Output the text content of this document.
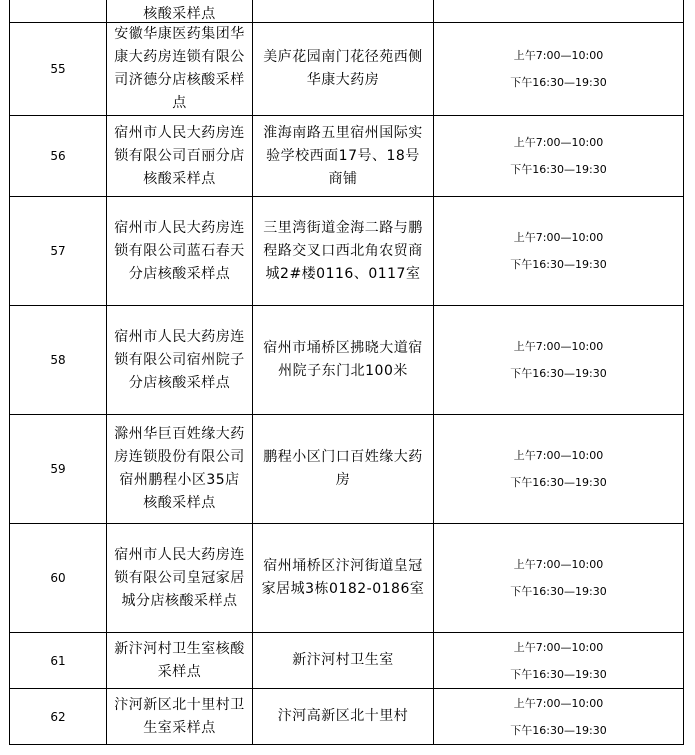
	核酸采样点		
55	安徽华康医药集团华康大药房连锁有限公司济德分店核酸采样点	美庐花园南门花径苑西侧华康大药房	上午7:00—10:00
下午16:30—19:30

56	宿州市人民大药房连锁有限公司百丽分店核酸采样点	淮海南路五里宿州国际实验学校西面17号、18号商铺	上午7:00—10:00
下午16:30—19:30

57	宿州市人民大药房连锁有限公司蓝石春天分店核酸采样点	三里湾街道金海二路与鹏程路交叉口西北角农贸商城2#楼0116、0117室	上午7:00—10:00
下午16:30—19:30

58	宿州市人民大药房连锁有限公司宿州院子分店核酸采样点	宿州市埇桥区拂晓大道宿州院子东门北100米	上午7:00—10:00
下午16:30—19:30

59	滁州华巨百姓缘大药房连锁股份有限公司宿州鹏程小区35店核酸采样点	鹏程小区门口百姓缘大药房	上午7:00—10:00
下午16:30—19:30

60	宿州市人民大药房连锁有限公司皇冠家居城分店核酸采样点	宿州埇桥区汴河街道皇冠家居城3栋0182-0186室	上午7:00—10:00
下午16:30—19:30

61	新汴河村卫生室核酸采样点	新汴河村卫生室	上午7:00—10:00
下午16:30—19:30

62	汴河新区北十里村卫生室采样点	汴河高新区北十里村	上午7:00—10:00
下午16:30—19:30
